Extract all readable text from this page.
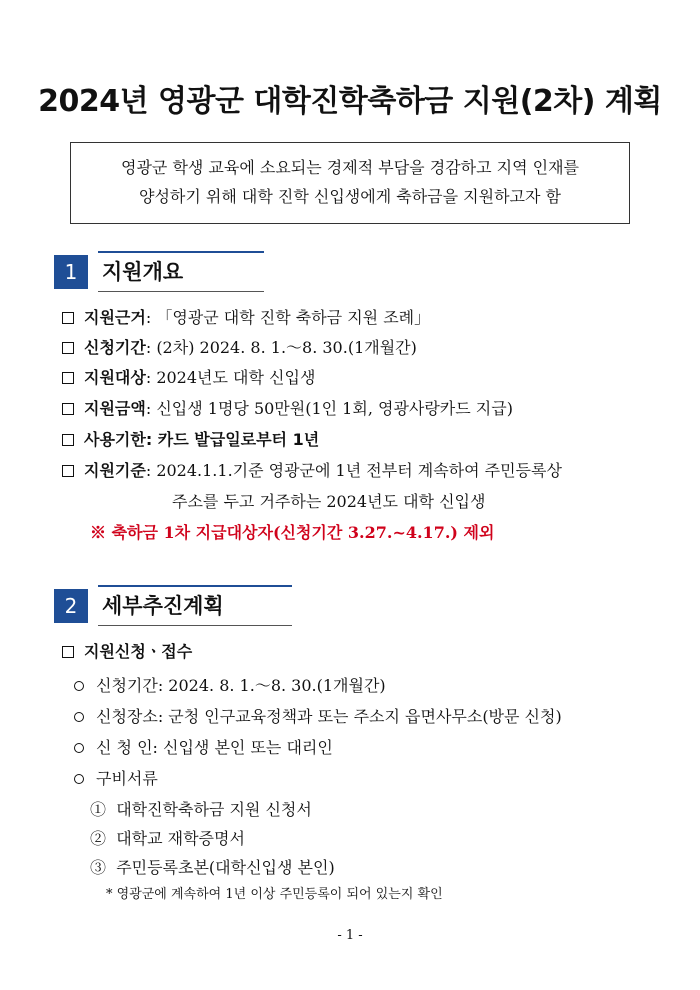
2024년 영광군 대학진학축하금 지원(2차) 계획
영광군 학생 교육에 소요되는 경제적 부담을 경감하고 지역 인재를
양성하기 위해 대학 진학 신입생에게 축하금을 지원하고자 함
1	지원개요
지원근거: 「영광군 대학 진학 축하금 지원 조례」
신청기간: (2차) 2024. 8. 1.～8. 30.(1개월간)
지원대상: 2024년도 대학 신입생
지원금액: 신입생 1명당 50만원(1인 1회, 영광사랑카드 지급)
사용기한: 카드 발급일로부터 1년
지원기준: 2024.1.1.기준 영광군에 1년 전부터 계속하여 주민등록상
주소를 두고 거주하는 2024년도 대학 신입생
※ 축하금 1차 지급대상자(신청기간 3.27.~4.17.) 제외
2	세부추진계획
지원신청ㆍ접수
신청기간: 2024. 8. 1.～8. 30.(1개월간)
신청장소: 군청 인구교육정책과 또는 주소지 읍면사무소(방문 신청)
신 청 인: 신입생 본인 또는 대리인
구비서류
① 대학진학축하금 지원 신청서
② 대학교 재학증명서
③ 주민등록초본(대학신입생 본인)
* 영광군에 계속하여 1년 이상 주민등록이 되어 있는지 확인
- 1 -
